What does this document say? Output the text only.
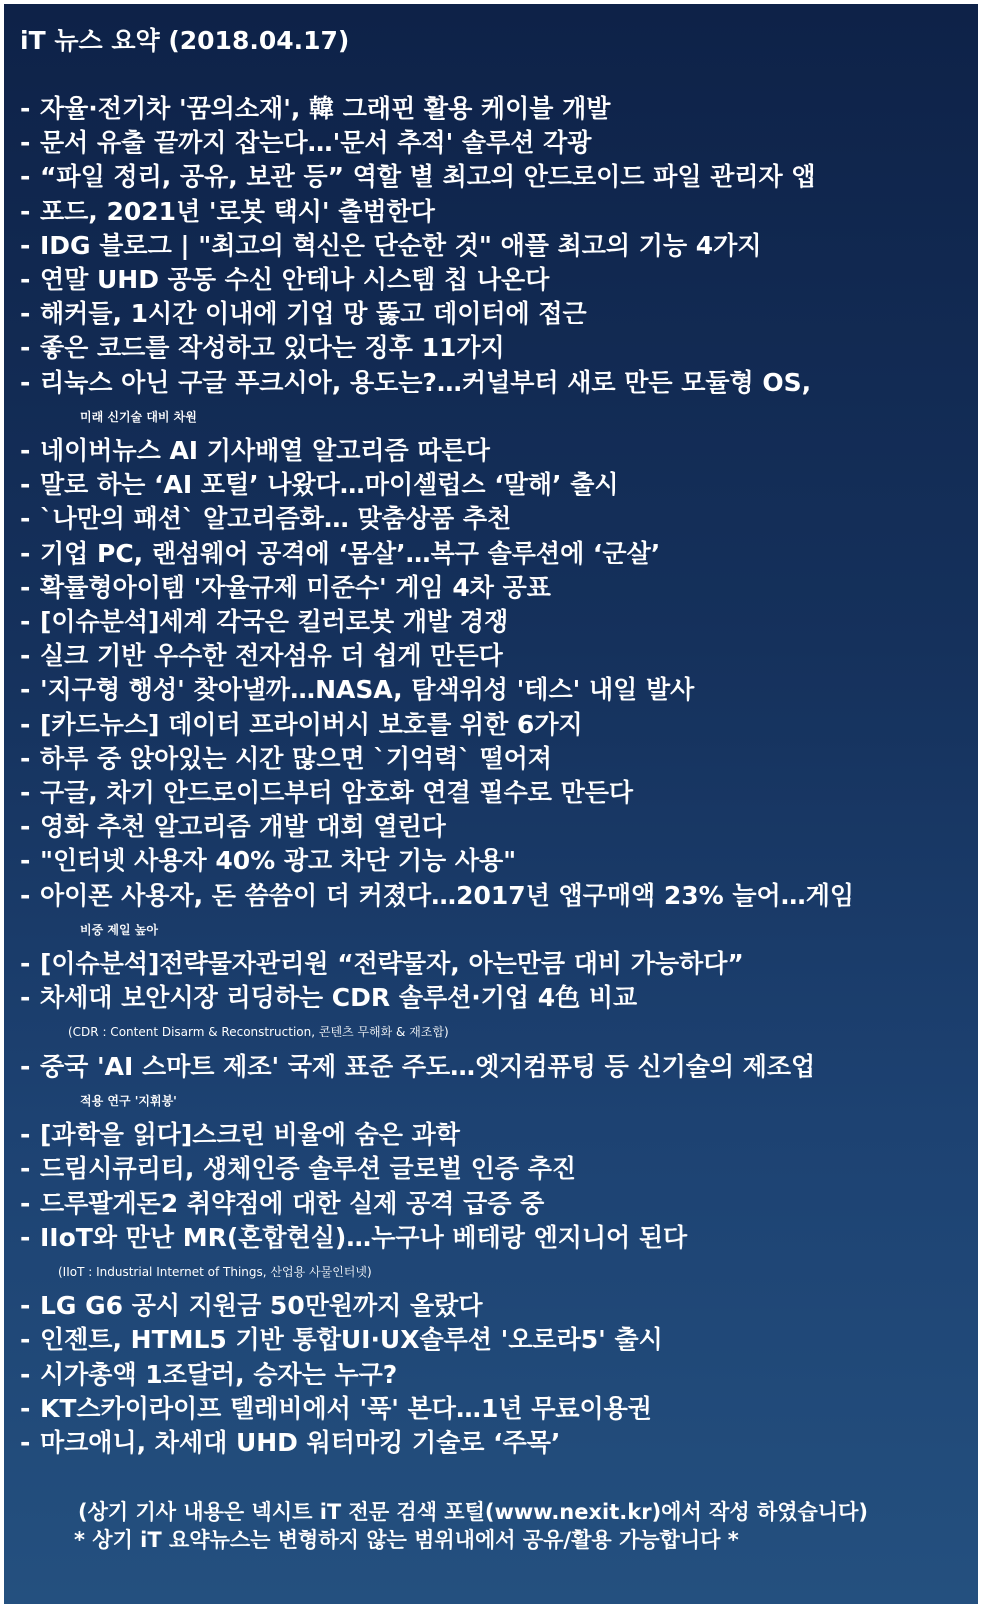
iT 뉴스 요약 (2018.04.17)
- 자율·전기차 '꿈의소재', 韓 그래핀 활용 케이블 개발
- 문서 유출 끝까지 잡는다…'문서 추적' 솔루션 각광
- “파일 정리, 공유, 보관 등” 역할 별 최고의 안드로이드 파일 관리자 앱
- 포드, 2021년 '로봇 택시' 출범한다
- IDG 블로그 | "최고의 혁신은 단순한 것" 애플 최고의 기능 4가지
- 연말 UHD 공동 수신 안테나 시스템 칩 나온다
- 해커들, 1시간 이내에 기업 망 뚫고 데이터에 접근
- 좋은 코드를 작성하고 있다는 징후 11가지
- 리눅스 아닌 구글 푸크시아, 용도는?…커널부터 새로 만든 모듈형 OS,
미래 신기술 대비 차원
- 네이버뉴스 AI 기사배열 알고리즘 따른다
- 말로 하는 ‘AI 포털’ 나왔다…마이셀럽스 ‘말해’ 출시
- `나만의 패션` 알고리즘화… 맞춤상품 추천
- 기업 PC, 랜섬웨어 공격에 ‘몸살’…복구 솔루션에 ‘군살’
- 확률형아이템 '자율규제 미준수' 게임 4차 공표
- [이슈분석]세계 각국은 킬러로봇 개발 경쟁
- 실크 기반 우수한 전자섬유 더 쉽게 만든다
- '지구형 행성' 찾아낼까…NASA, 탐색위성 '테스' 내일 발사
- [카드뉴스] 데이터 프라이버시 보호를 위한 6가지
- 하루 중 앉아있는 시간 많으면 `기억력` 떨어져
- 구글, 차기 안드로이드부터 암호화 연결 필수로 만든다
- 영화 추천 알고리즘 개발 대회 열린다
- "인터넷 사용자 40% 광고 차단 기능 사용"
- 아이폰 사용자, 돈 씀씀이 더 커졌다…2017년 앱구매액 23% 늘어…게임
비중 제일 높아
- [이슈분석]전략물자관리원 “전략물자, 아는만큼 대비 가능하다”
- 차세대 보안시장 리딩하는 CDR 솔루션·기업 4色 비교
(CDR : Content Disarm & Reconstruction, 콘텐츠 무해화 & 재조합)
- 중국 'AI 스마트 제조' 국제 표준 주도…엣지컴퓨팅 등 신기술의 제조업
적용 연구 '지휘봉'
- [과학을 읽다]스크린 비율에 숨은 과학
- 드림시큐리티, 생체인증 솔루션 글로벌 인증 추진
- 드루팔게돈2 취약점에 대한 실제 공격 급증 중
- IIoT와 만난 MR(혼합현실)…누구나 베테랑 엔지니어 된다
(IIoT : Industrial Internet of Things, 산업용 사물인터넷)
- LG G6 공시 지원금 50만원까지 올랐다
- 인젠트, HTML5 기반 통합UI·UX솔루션 '오로라5' 출시
- 시가총액 1조달러, 승자는 누구?
- KT스카이라이프 텔레비에서 '푹' 본다…1년 무료이용권
- 마크애니, 차세대 UHD 워터마킹 기술로 ‘주목’
(상기 기사 내용은 넥시트 iT 전문 검색 포털(www.nexit.kr)에서 작성 하였습니다)
* 상기 iT 요약뉴스는 변형하지 않는 범위내에서 공유/활용 가능합니다 *
